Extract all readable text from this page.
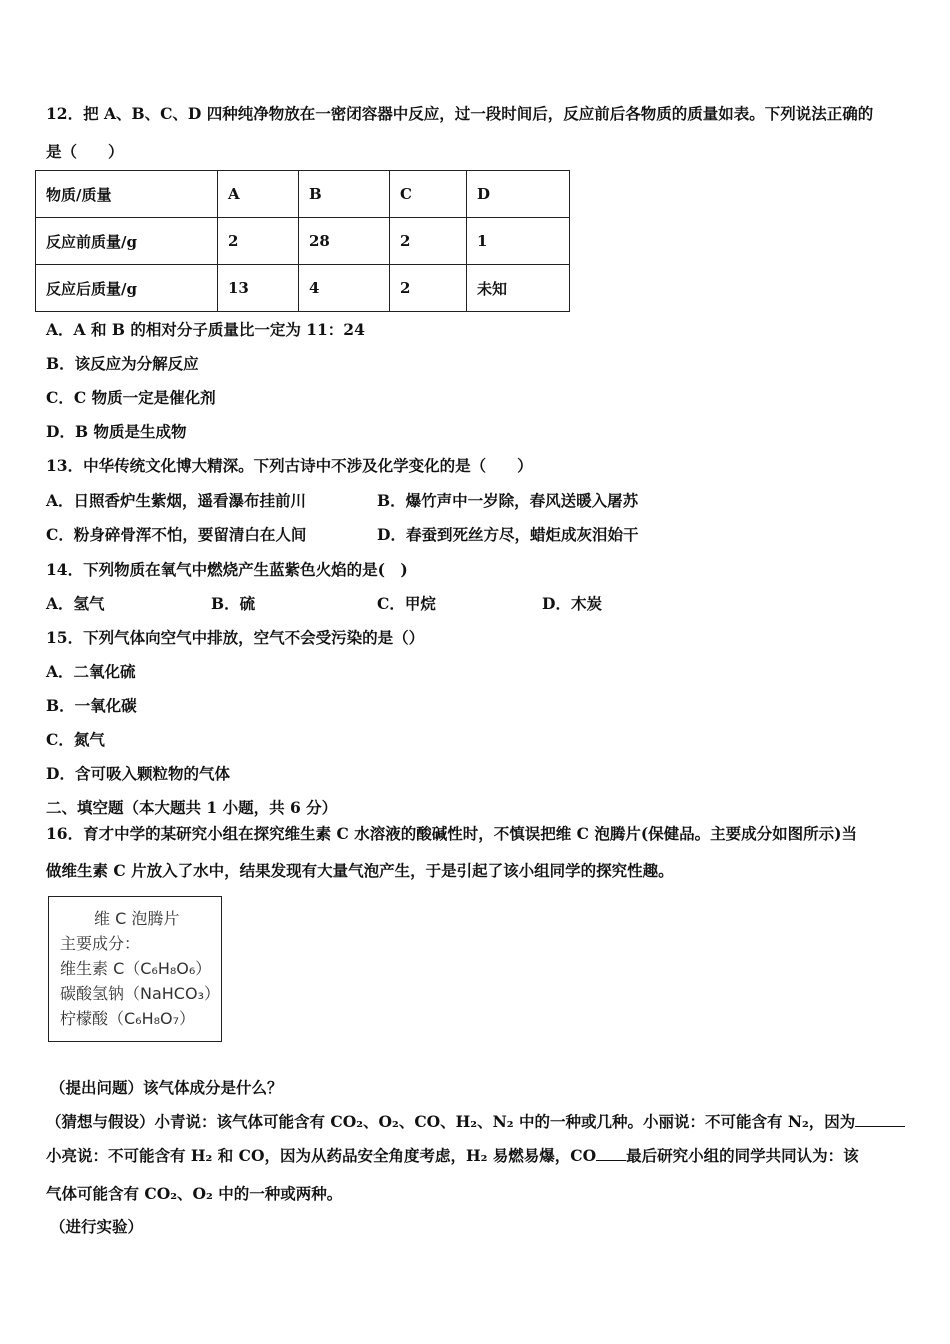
12．把 A、B、C、D 四种纯净物放在一密闭容器中反应，过一段时间后，反应前后各物质的质量如表。下列说法正确的
是（　　）
物质/质量	A	B	C	D
反应前质量/g	2	28	2	1
反应后质量/g	13	4	2	未知
A．A 和 B 的相对分子质量比一定为 11：24
B．该反应为分解反应
C．C 物质一定是催化剂
D．B 物质是生成物
13．中华传统文化博大精深。下列古诗中不涉及化学变化的是（　　）
A．日照香炉生紫烟，遥看瀑布挂前川	B．爆竹声中一岁除，春风送暖入屠苏
C．粉身碎骨浑不怕，要留清白在人间	D．春蚕到死丝方尽，蜡炬成灰泪始干
14．下列物质在氧气中燃烧产生蓝紫色火焰的是(　)
A．氢气	B．硫	C．甲烷	D．木炭
15．下列气体向空气中排放，空气不会受污染的是（）
A．二氧化硫
B．一氧化碳
C．氮气
D．含可吸入颗粒物的气体
二、填空题（本大题共 1 小题，共 6 分）
16．育才中学的某研究小组在探究维生素 C 水溶液的酸碱性时，不慎误把维 C 泡腾片(保健品。主要成分如图所示)当
做维生素 C 片放入了水中，结果发现有大量气泡产生，于是引起了该小组同学的探究性趣。
维 C 泡腾片
主要成分：
维生素 C（C₆H₈O₆）
碳酸氢钠（NaHCO₃）
柠檬酸（C₆H₈O₇）
（提出问题）该气体成分是什么？
（猜想与假设）小青说：该气体可能含有 CO₂、O₂、CO、H₂、N₂ 中的一种或几种。小丽说：不可能含有 N₂，因为
小亮说：不可能含有 H₂ 和 CO，因为从药品安全角度考虑，H₂ 易燃易爆，CO 最后研究小组的同学共同认为：该
气体可能含有 CO₂、O₂ 中的一种或两种。
（进行实验）
